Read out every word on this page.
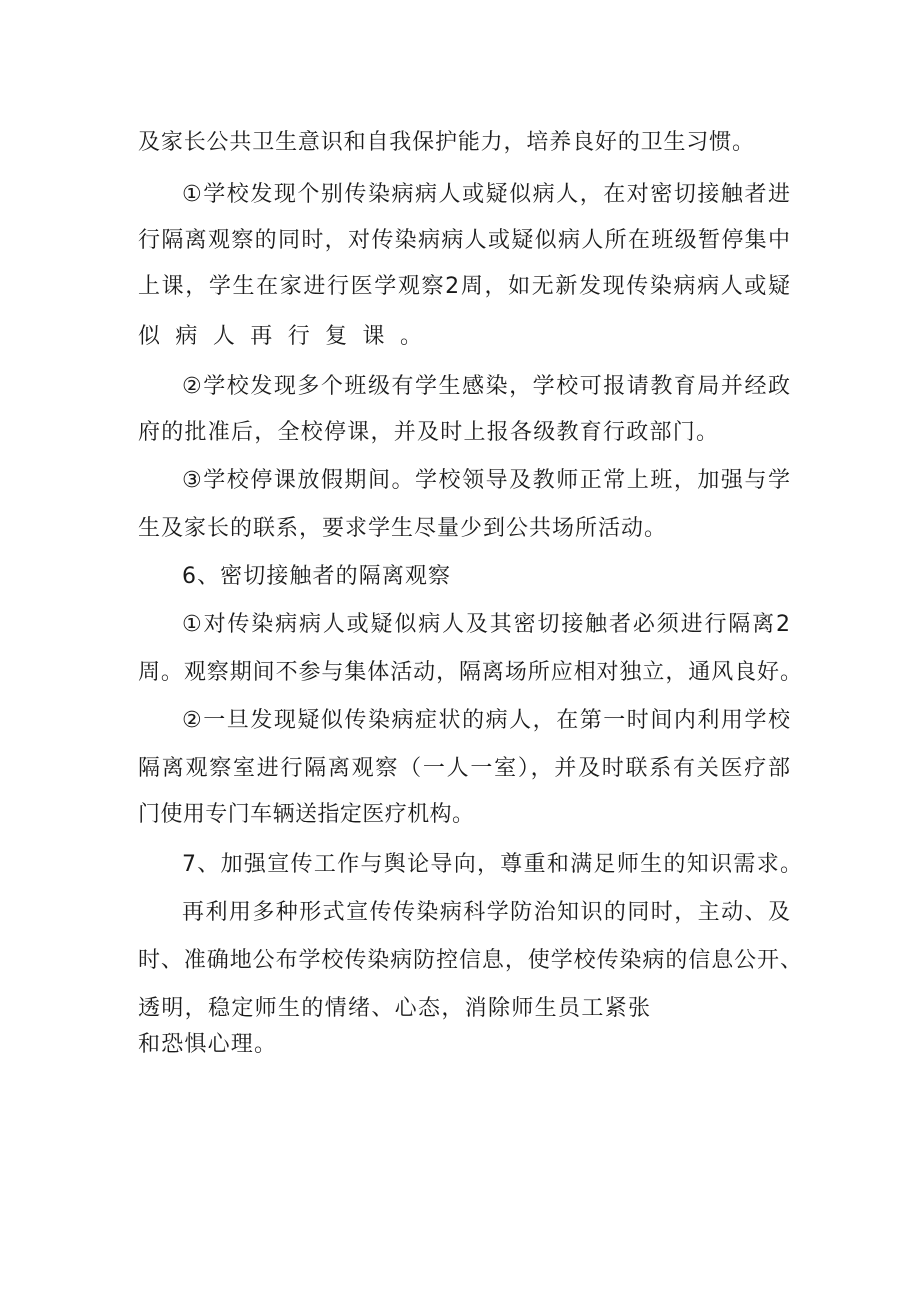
及家长公共卫生意识和自我保护能力，培养良好的卫生习惯。
①学校发现个别传染病病人或疑似病人，在对密切接触者进
行隔离观察的同时，对传染病病人或疑似病人所在班级暂停集中
上课，学生在家进行医学观察2周，如无新发现传染病病人或疑
似病人再行复课。
②学校发现多个班级有学生感染，学校可报请教育局并经政
府的批准后，全校停课，并及时上报各级教育行政部门。
③学校停课放假期间。学校领导及教师正常上班，加强与学
生及家长的联系，要求学生尽量少到公共场所活动。
6、密切接触者的隔离观察
①对传染病病人或疑似病人及其密切接触者必须进行隔离2
周。观察期间不参与集体活动，隔离场所应相对独立，通风良好。
②一旦发现疑似传染病症状的病人，在第一时间内利用学校
隔离观察室进行隔离观察（一人一室），并及时联系有关医疗部
门使用专门车辆送指定医疗机构。
7、加强宣传工作与舆论导向，尊重和满足师生的知识需求。
再利用多种形式宣传传染病科学防治知识的同时，主动、及
时、准确地公布学校传染病防控信息，使学校传染病的信息公开、
透明，稳定师生的情绪、心态，消除师生员工紧张
和恐惧心理。
